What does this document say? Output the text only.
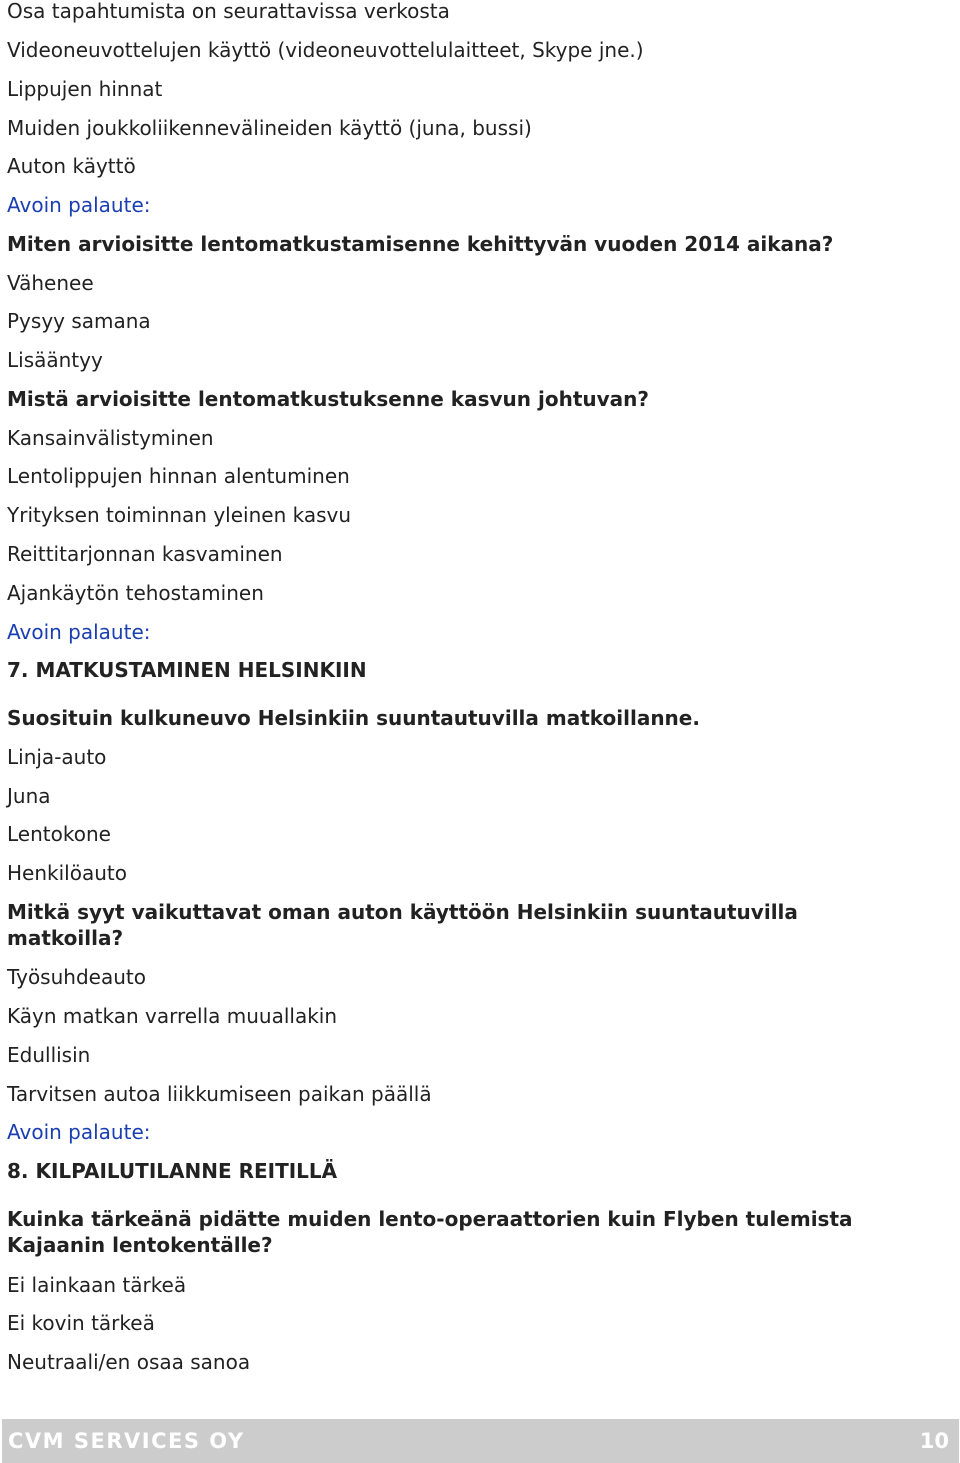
Osa tapahtumista on seurattavissa verkosta
Videoneuvottelujen käyttö (videoneuvottelulaitteet, Skype jne.)
Lippujen hinnat
Muiden joukkoliikennevälineiden käyttö (juna, bussi)
Auton käyttö
Avoin palaute:
Miten arvioisitte lentomatkustamisenne kehittyvän vuoden 2014 aikana?
Vähenee
Pysyy samana
Lisääntyy
Mistä arvioisitte lentomatkustuksenne kasvun johtuvan?
Kansainvälistyminen
Lentolippujen hinnan alentuminen
Yrityksen toiminnan yleinen kasvu
Reittitarjonnan kasvaminen
Ajankäytön tehostaminen
Avoin palaute:
7. MATKUSTAMINEN HELSINKIIN
Suosituin kulkuneuvo Helsinkiin suuntautuvilla matkoillanne.
Linja-auto
Juna
Lentokone
Henkilöauto
Mitkä syyt vaikuttavat oman auton käyttöön Helsinkiin suuntautuvilla matkoilla?
Työsuhdeauto
Käyn matkan varrella muuallakin
Edullisin
Tarvitsen autoa liikkumiseen paikan päällä
Avoin palaute:
8. KILPAILUTILANNE REITILLÄ
Kuinka tärkeänä pidätte muiden lento-operaattorien kuin Flyben tulemista Kajaanin lentokentälle?
Ei lainkaan tärkeä
Ei kovin tärkeä
Neutraali/en osaa sanoa
CVM SERVICES OY	10
